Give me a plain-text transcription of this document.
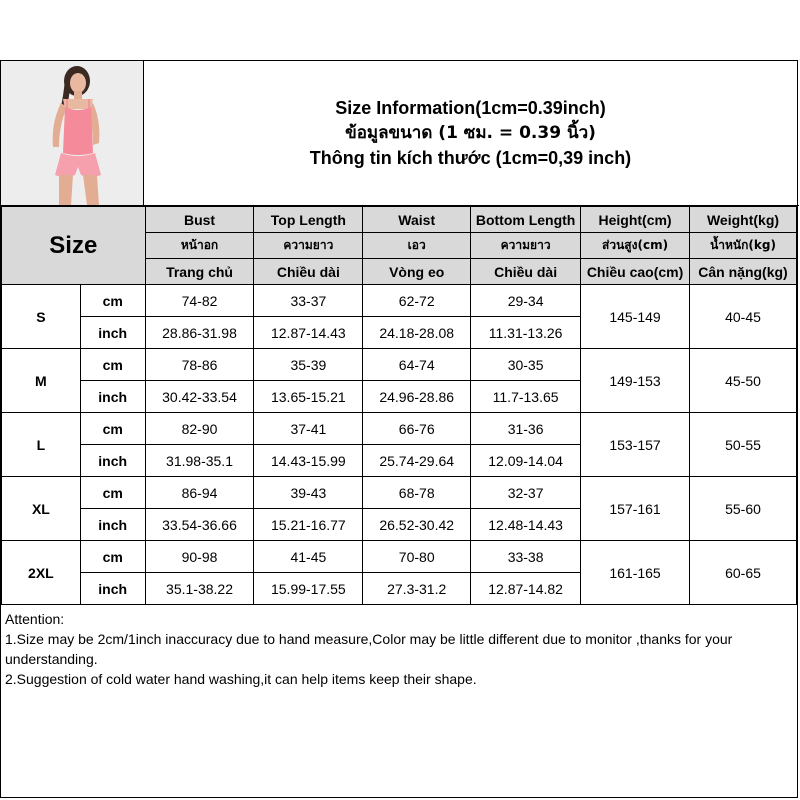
Size Information(1cm=0.39inch)
ข้อมูลขนาด (1 ซม. = 0.39 นิ้ว)
Thông tin kích thước (1cm=0,39 inch)
Size		Bust	Top Length	Waist	Bottom Length	Height(cm)	Weight(kg)
		หน้าอก	ความยาว	เอว	ความยาว	ส่วนสูง(cm)	น้ำหนัก(kg)
		Trang chủ	Chiều dài	Vòng eo	Chiều dài	Chiều cao(cm)	Cân nặng(kg)
S	cm	74-82	33-37	62-72	29-34	145-149	40-45
	inch	28.86-31.98	12.87-14.43	24.18-28.08	11.31-13.26		
M	cm	78-86	35-39	64-74	30-35	149-153	45-50
	inch	30.42-33.54	13.65-15.21	24.96-28.86	11.7-13.65		
L	cm	82-90	37-41	66-76	31-36	153-157	50-55
	inch	31.98-35.1	14.43-15.99	25.74-29.64	12.09-14.04		
XL	cm	86-94	39-43	68-78	32-37	157-161	55-60
	inch	33.54-36.66	15.21-16.77	26.52-30.42	12.48-14.43		
2XL	cm	90-98	41-45	70-80	33-38	161-165	60-65
	inch	35.1-38.22	15.99-17.55	27.3-31.2	12.87-14.82		
Attention:
1.Size may be 2cm/1inch inaccuracy due to hand measure,Color may be little different due to monitor ,thanks for your understanding.
2.Suggestion of cold water hand washing,it can help items keep their shape.
